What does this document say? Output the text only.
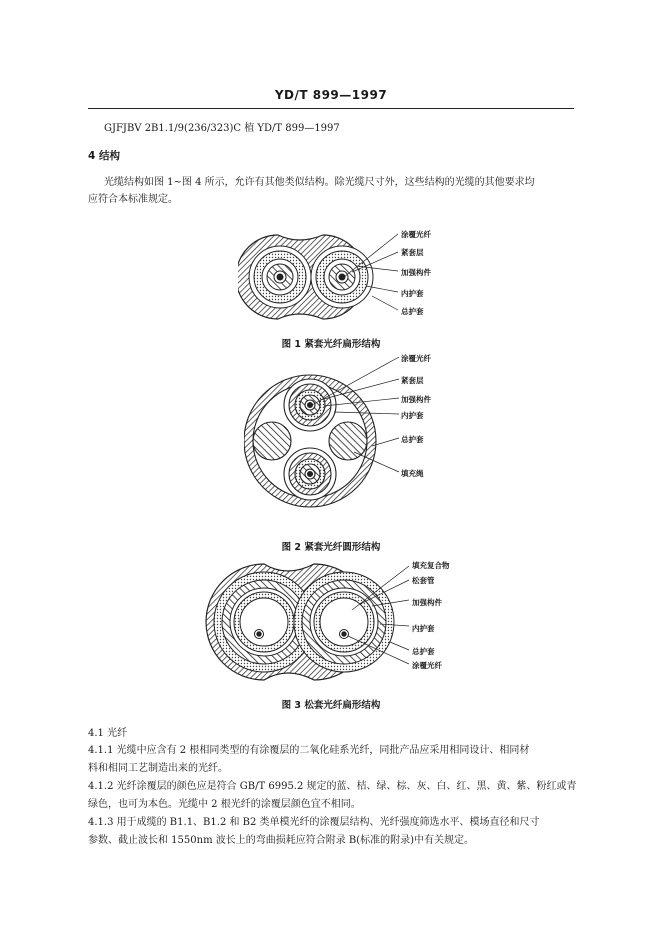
YD/T 899—1997
GJFJBV 2B1.1/9(236/323)C 植 YD/T 899—1997
4 结构
光缆结构如图 1~图 4 所示，允许有其他类似结构。除光缆尺寸外，这些结构的光缆的其他要求均
应符合本标准规定。
涂覆光纤
紧套层
加强构件
内护套
总护套
图 1 紧套光纤扁形结构
涂覆光纤
紧套层
加强构件
内护套
总护套
填充绳
图 2 紧套光纤圆形结构
填充复合物
松套管
加强构件
内护套
总护套
涂覆光纤
图 3 松套光纤扁形结构
4.1 光纤
4.1.1 光缆中应含有 2 根相同类型的有涂覆层的二氧化硅系光纤，同批产品应采用相同设计、相同材
料和相同工艺制造出来的光纤。
4.1.2 光纤涂覆层的颜色应是符合 GB/T 6995.2 规定的蓝、桔、绿、棕、灰、白、红、黑、黄、紫、粉红或青
绿色，也可为本色。光缆中 2 根光纤的涂覆层颜色宜不相同。
4.1.3 用于成缆的 B1.1、B1.2 和 B2 类单模光纤的涂覆层结构、光纤强度筛选水平、模场直径和尺寸
参数、截止波长和 1550nm 波长上的弯曲损耗应符合附录 B(标准的附录)中有关规定。
